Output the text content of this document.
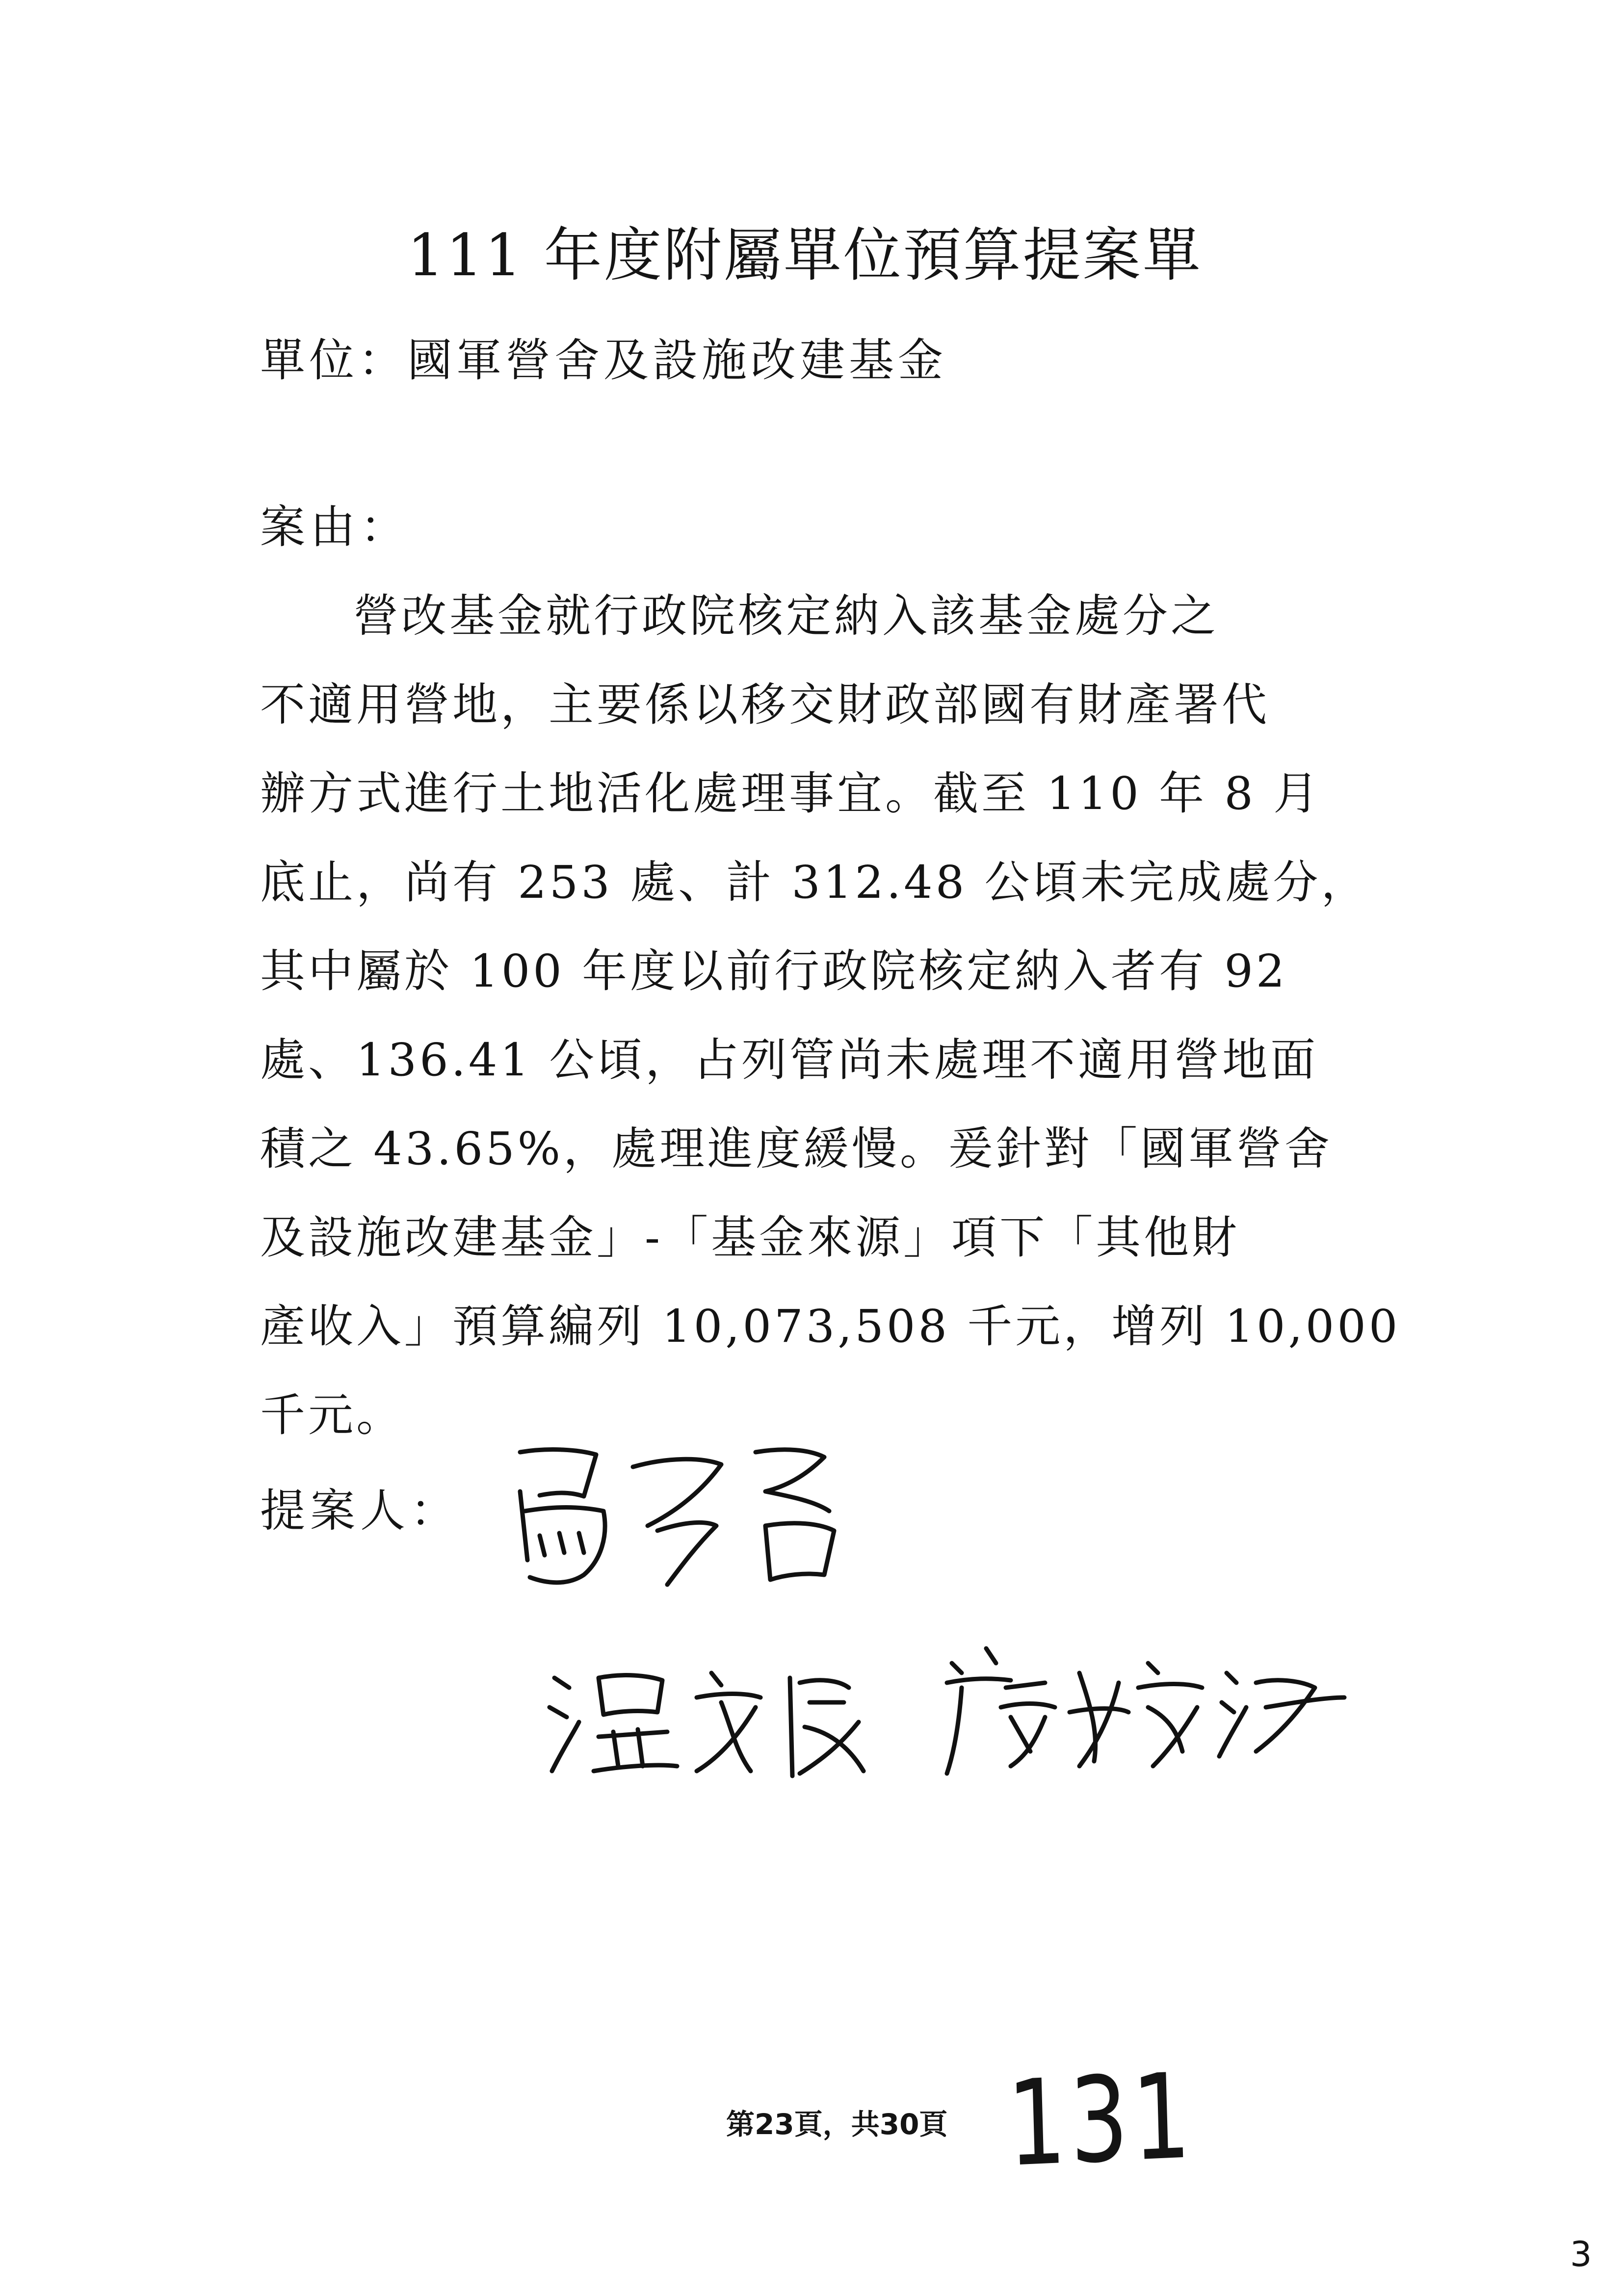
111 年度附屬單位預算提案單
單位：國軍營舍及設施改建基金
案由：
營改基金就行政院核定納入該基金處分之
不適用營地，主要係以移交財政部國有財產署代
辦方式進行土地活化處理事宜。截至 110 年 8 月
底止，尚有 253 處、計 312.48 公頃未完成處分，
其中屬於 100 年度以前行政院核定納入者有 92
處、136.41 公頃，占列管尚未處理不適用營地面
積之 43.65%，處理進度緩慢。爰針對「國軍營舍
及設施改建基金」-「基金來源」項下「其他財
產收入」預算編列 10,073,508 千元，增列 10,000
千元。
提案人：
第23頁，共30頁 131
3
